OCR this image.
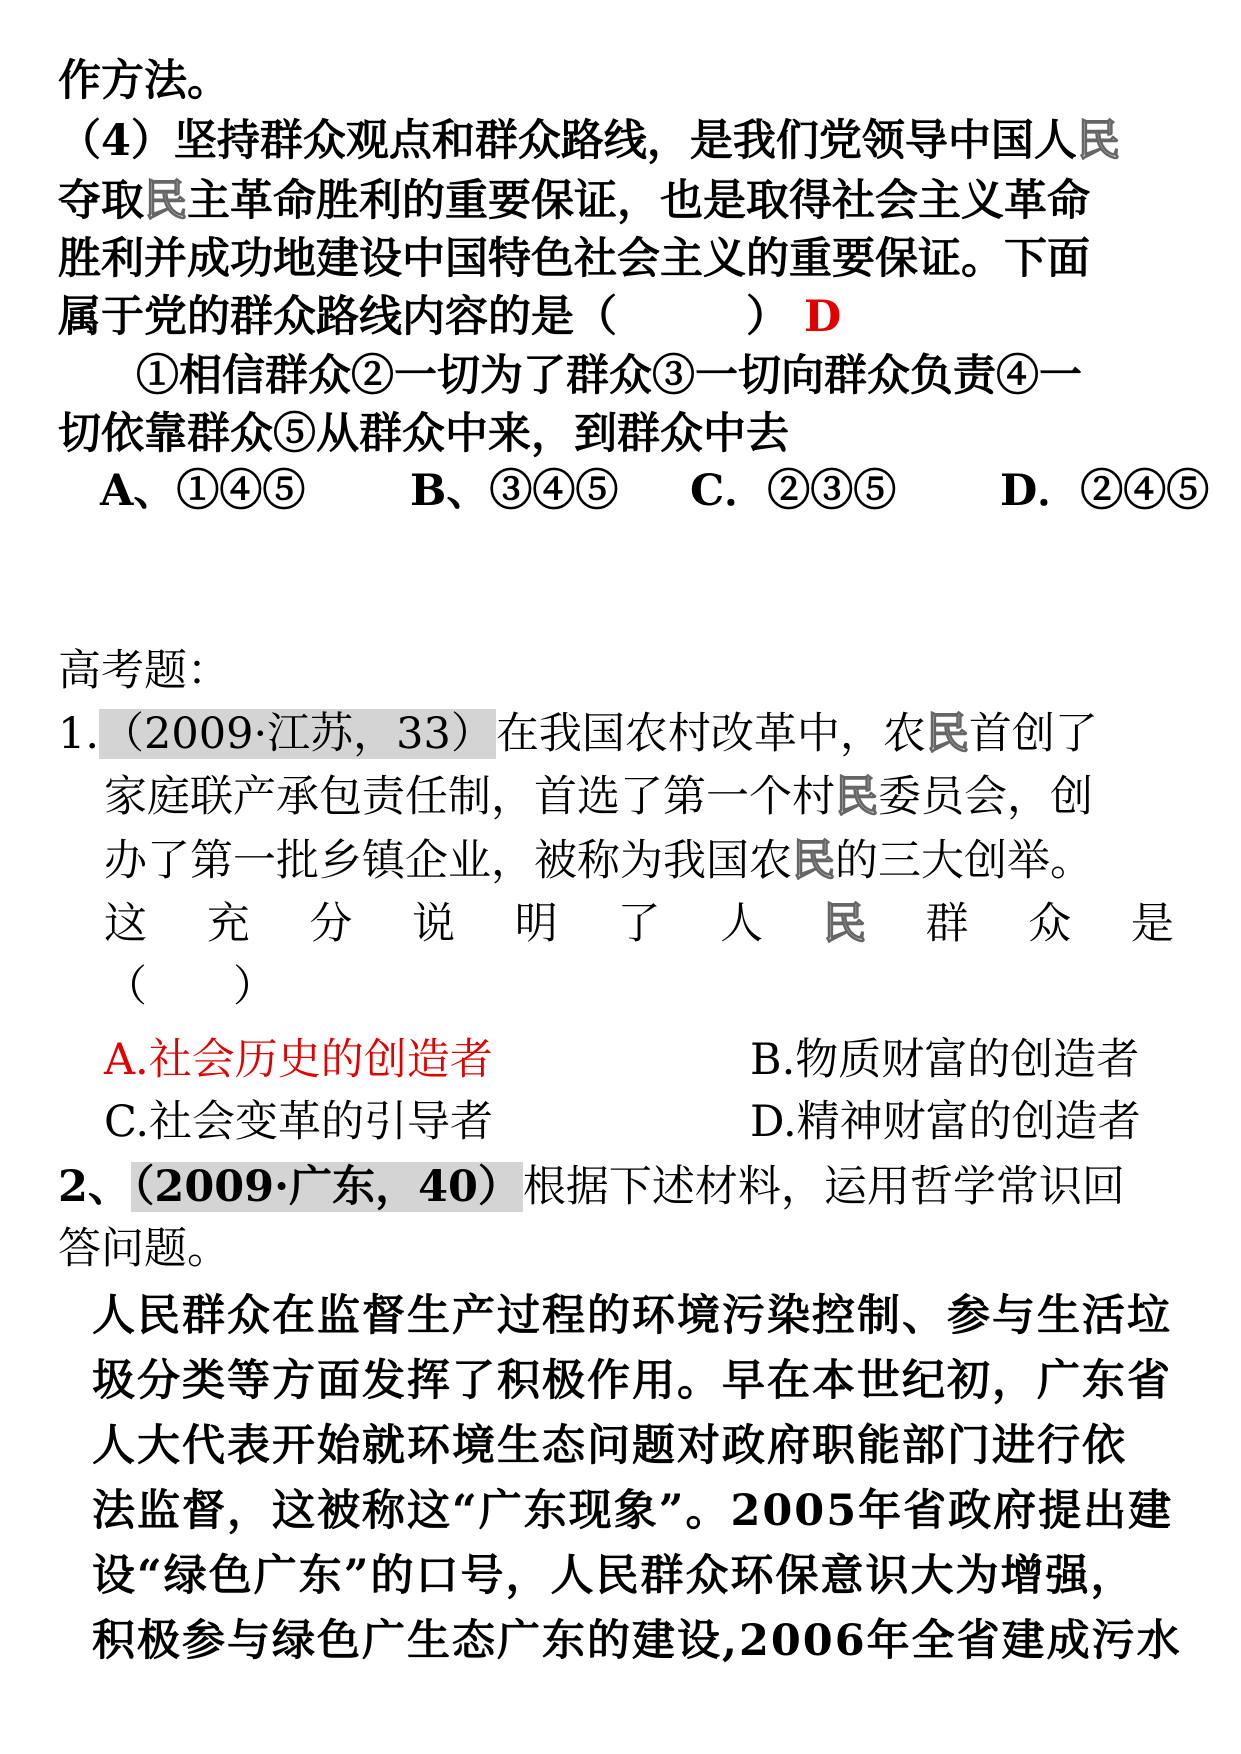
作方法。
（4）坚持群众观点和群众路线，是我们党领导中国人民
夺取民主革命胜利的重要保证，也是取得社会主义革命
胜利并成功地建设中国特色社会主义的重要保证。下面
属于党的群众路线内容的是（　　　） D
①相信群众②一切为了群众③一切向群众负责④一
切依靠群众⑤从群众中来，到群众中去
A、①④⑤ B、③④⑤ C．②③⑤ D．②④⑤
高考题：
1.（2009·江苏，33）在我国农村改革中，农民首创了
家庭联产承包责任制，首选了第一个村民委员会，创
办了第一批乡镇企业，被称为我国农民的三大创举。
这 充 分 说 明 了 人 民 群 众 是
（　　）
A.社会历史的创造者	B.物质财富的创造者
C.社会变革的引导者	D.精神财富的创造者
2、（2009·广东，40）根据下述材料，运用哲学常识回
答问题。
人民群众在监督生产过程的环境污染控制、参与生活垃
圾分类等方面发挥了积极作用。早在本世纪初，广东省
人大代表开始就环境生态问题对政府职能部门进行依
法监督，这被称这“广东现象”。2005年省政府提出建
设“绿色广东”的口号，人民群众环保意识大为增强，
积极参与绿色广生态广东的建设,2006年全省建成污水
